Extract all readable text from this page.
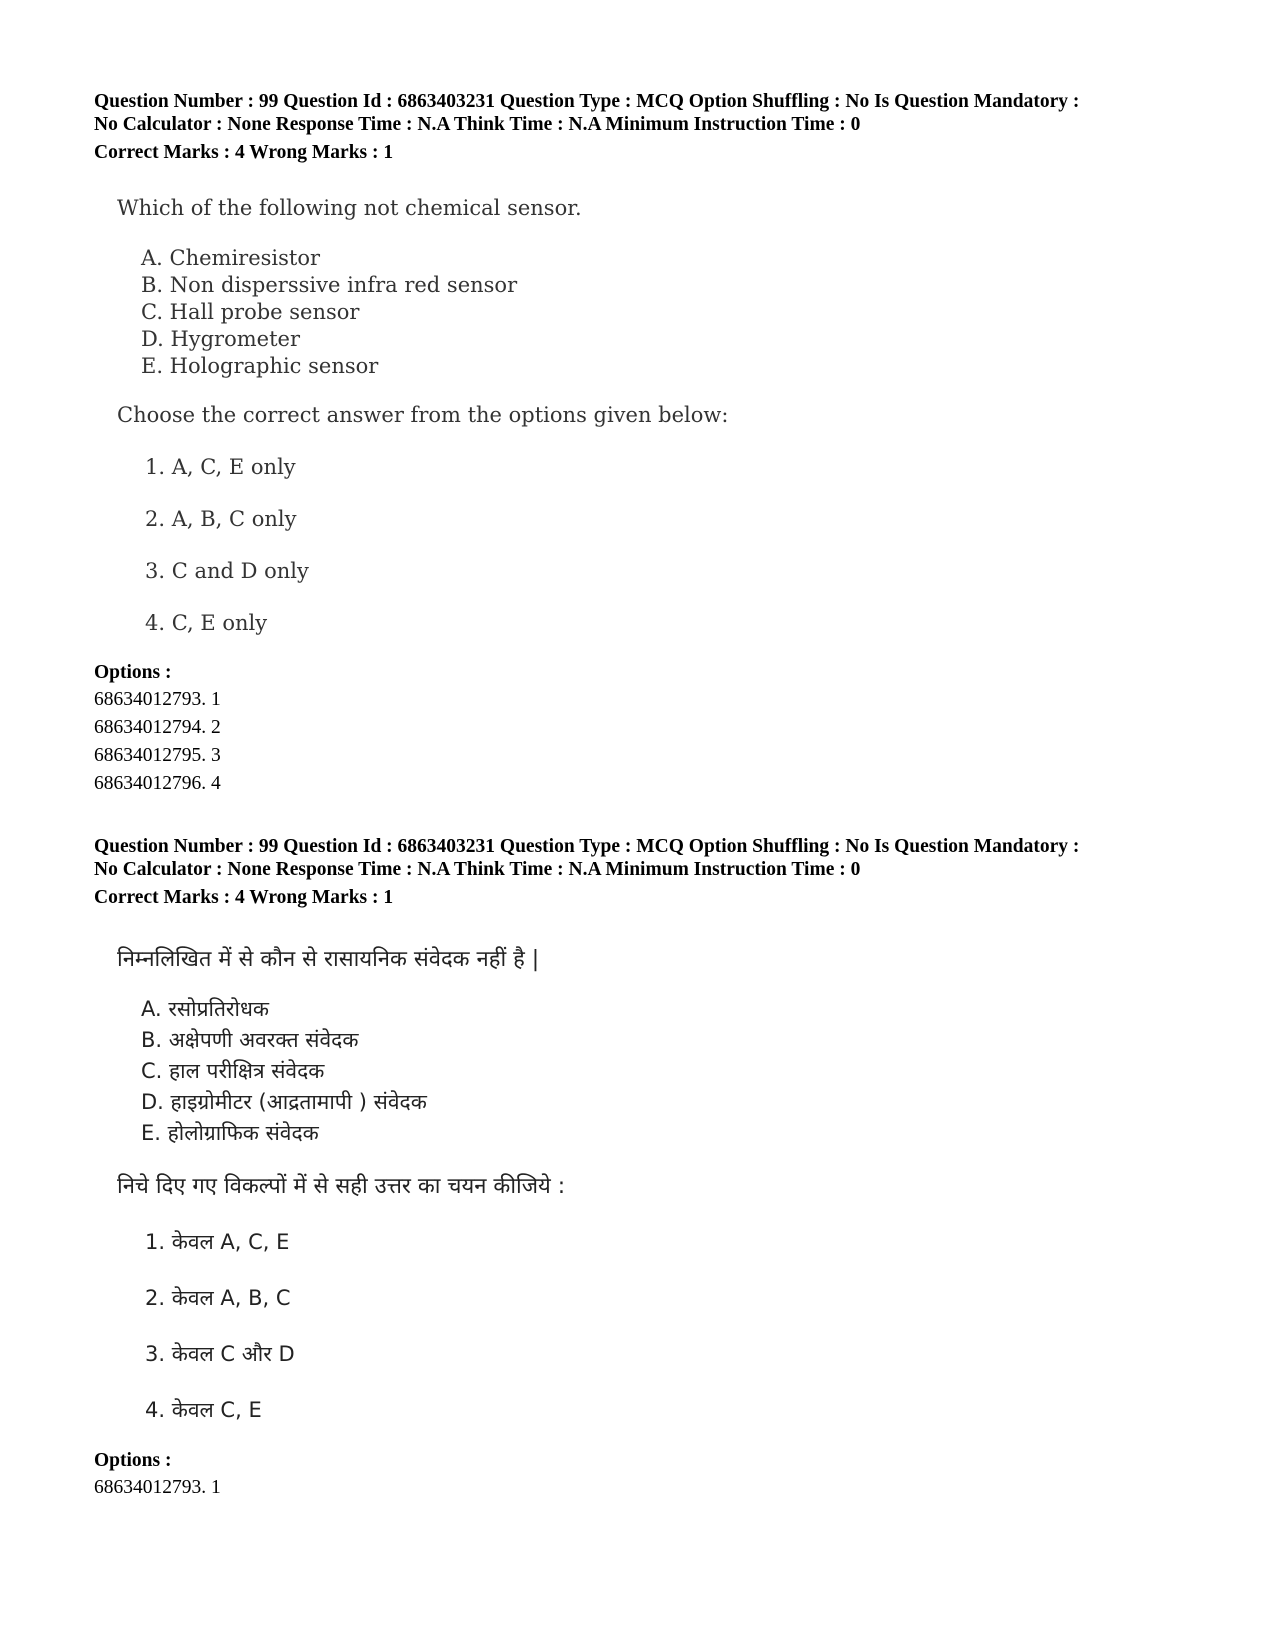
Question Number : 99 Question Id : 6863403231 Question Type : MCQ Option Shuffling : No Is Question Mandatory :
No Calculator : None Response Time : N.A Think Time : N.A Minimum Instruction Time : 0
Correct Marks : 4 Wrong Marks : 1
Which of the following not chemical sensor.
A. Chemiresistor
B. Non disperssive infra red sensor
C. Hall probe sensor
D. Hygrometer
E. Holographic sensor
Choose the correct answer from the options given below:
1. A, C, E only
2. A, B, C only
3. C and D only
4. C, E only
Options :
68634012793. 1
68634012794. 2
68634012795. 3
68634012796. 4
Question Number : 99 Question Id : 6863403231 Question Type : MCQ Option Shuffling : No Is Question Mandatory :
No Calculator : None Response Time : N.A Think Time : N.A Minimum Instruction Time : 0
Correct Marks : 4 Wrong Marks : 1
निम्नलिखित में से कौन से रासायनिक संवेदक नहीं है |
A. रसोप्रतिरोधक
B. अक्षेपणी अवरक्त संवेदक
C. हाल परीक्षित्र संवेदक
D. हाइग्रोमीटर (आद्रतामापी ) संवेदक
E. होलोग्राफिक संवेदक
निचे दिए गए विकल्पों में से सही उत्तर का चयन कीजिये :
1. केवल A, C, E
2. केवल A, B, C
3. केवल C और D
4. केवल C, E
Options :
68634012793. 1
